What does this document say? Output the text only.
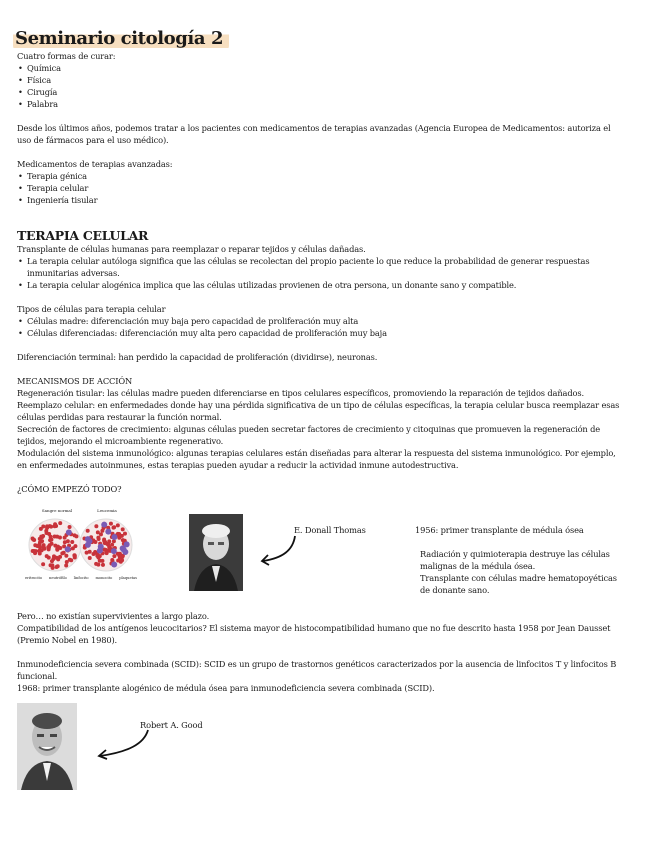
Seminario citología 2
Cuatro formas de curar:
• Química
• Física
• Cirugía
• Palabra
Desde los últimos años, podemos tratar a los pacientes con medicamentos de terapias avanzadas (Agencia Europea de Medicamentos: autoriza el uso de fármacos para el uso médico).
Medicamentos de terapias avanzadas:
• Terapia génica
• Terapia celular
• Ingeniería tisular
TERAPIA CELULAR
Transplante de células humanas para reemplazar o reparar tejidos y células dañadas.
• La terapia celular autóloga significa que las células se recolectan del propio paciente lo que reduce la probabilidad de generar respuestas inmunitarias adversas.
• La terapia celular alogénica implica que las células utilizadas provienen de otra persona, un donante sano y compatible.
Tipos de células para terapia celular
• Células madre: diferenciación muy baja pero capacidad de proliferación muy alta
• Células diferenciadas: diferenciación muy alta pero capacidad de proliferación muy baja
Diferenciación terminal: han perdido la capacidad de proliferación (dividirse), neuronas.
MECANISMOS DE ACCIÓN
Regeneración tisular: las células madre pueden diferenciarse en tipos celulares específicos, promoviendo la reparación de tejidos dañados.
Reemplazo celular: en enfermedades donde hay una pérdida significativa de un tipo de células específicas, la terapia celular busca reemplazar esas células perdidas para restaurar la función normal.
Secreción de factores de crecimiento: algunas células pueden secretar factores de crecimiento y citoquinas que promueven la regeneración de tejidos, mejorando el microambiente regenerativo.
Modulación del sistema inmunológico: algunas terapias celulares están diseñadas para alterar la respuesta del sistema inmunológico. Por ejemplo, en enfermedades autoinmunes, estas terapias pueden ayudar a reducir la actividad inmune autodestructiva.
¿CÓMO EMPEZÓ TODO?
Sangre normal	Leucemia
eritrocito neutrófilo linfocito monocito plaquetas
E. Donall Thomas	1956: primer transplante de médula ósea
Radiación y quimioterapia destruye las células malignas de la médula ósea.
Transplante con células madre hematopoyéticas de donante sano.
Pero… no existían supervivientes a largo plazo.
Compatibilidad de los antígenos leucocitarios? El sistema mayor de histocompatibilidad humano que no fue descrito hasta 1958 por Jean Dausset (Premio Nobel en 1980).
Inmunodeficiencia severa combinada (SCID): SCID es un grupo de trastornos genéticos caracterizados por la ausencia de linfocitos T y linfocitos B funcional.
1968: primer transplante alogénico de médula ósea para inmunodeficiencia severa combinada (SCID).
Robert A. Good
